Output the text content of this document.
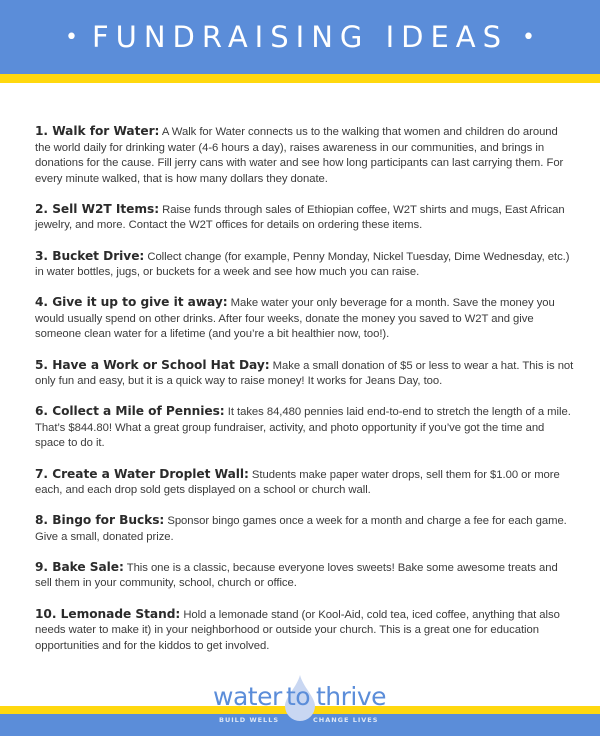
• FUNDRAISING IDEAS •

1. Walk for Water: A Walk for Water connects us to the walking that women and children do around the world daily for drinking water (4-6 hours a day), raises awareness in our communities, and brings in donations for the cause. Fill jerry cans with water and see how long participants can last carrying them. For every minute walked, that is how many dollars they donate.

2. Sell W2T Items: Raise funds through sales of Ethiopian coffee, W2T shirts and mugs, East African jewelry, and more. Contact the W2T offices for details on ordering these items.

3. Bucket Drive: Collect change (for example, Penny Monday, Nickel Tuesday, Dime Wednesday, etc.) in water bottles, jugs, or buckets for a week and see how much you can raise.

4. Give it up to give it away: Make water your only beverage for a month. Save the money you would usually spend on other drinks. After four weeks, donate the money you saved to W2T and give someone clean water for a lifetime (and you’re a bit healthier now, too!).

5. Have a Work or School Hat Day: Make a small donation of $5 or less to wear a hat. This is not only fun and easy, but it is a quick way to raise money! It works for Jeans Day, too.

6. Collect a Mile of Pennies: It takes 84,480 pennies laid end-to-end to stretch the length of a mile. That’s $844.80! What a great group fundraiser, activity, and photo opportunity if you’ve got the time and space to do it.

7. Create a Water Droplet Wall: Students make paper water drops, sell them for $1.00 or more each, and each drop sold gets displayed on a school or church wall.

8. Bingo for Bucks: Sponsor bingo games once a week for a month and charge a fee for each game. Give a small, donated prize.

9. Bake Sale: This one is a classic, because everyone loves sweets! Bake some awesome treats and sell them in your community, school, church or office.

10. Lemonade Stand: Hold a lemonade stand (or Kool-Aid, cold tea, iced coffee, anything that also needs water to make it) in your neighborhood or outside your church. This is a great one for education opportunities and for the kiddos to get involved.

water to thrive
BUILD WELLS	CHANGE LIVES
